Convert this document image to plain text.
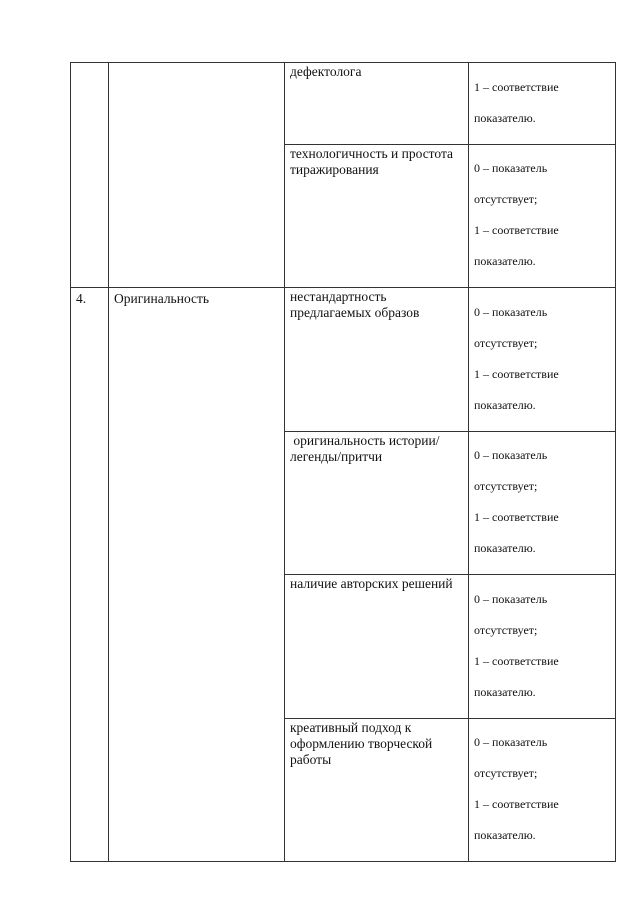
		дефектолога	1 – соответствие

показателю.

		технологичность и простота тиражирования	0 – показатель

отсутствует;

1 – соответствие

показателю.

4.	Оригинальность	нестандартность предлагаемых образов	0 – показатель

отсутствует;

1 – соответствие

показателю.

		оригинальность истории/легенды/притчи	0 – показатель

отсутствует;

1 – соответствие

показателю.

		наличие авторских решений	0 – показатель

отсутствует;

1 – соответствие

показателю.

		креативный подход к оформлению творческой работы	0 – показатель

отсутствует;

1 – соответствие

показателю.
